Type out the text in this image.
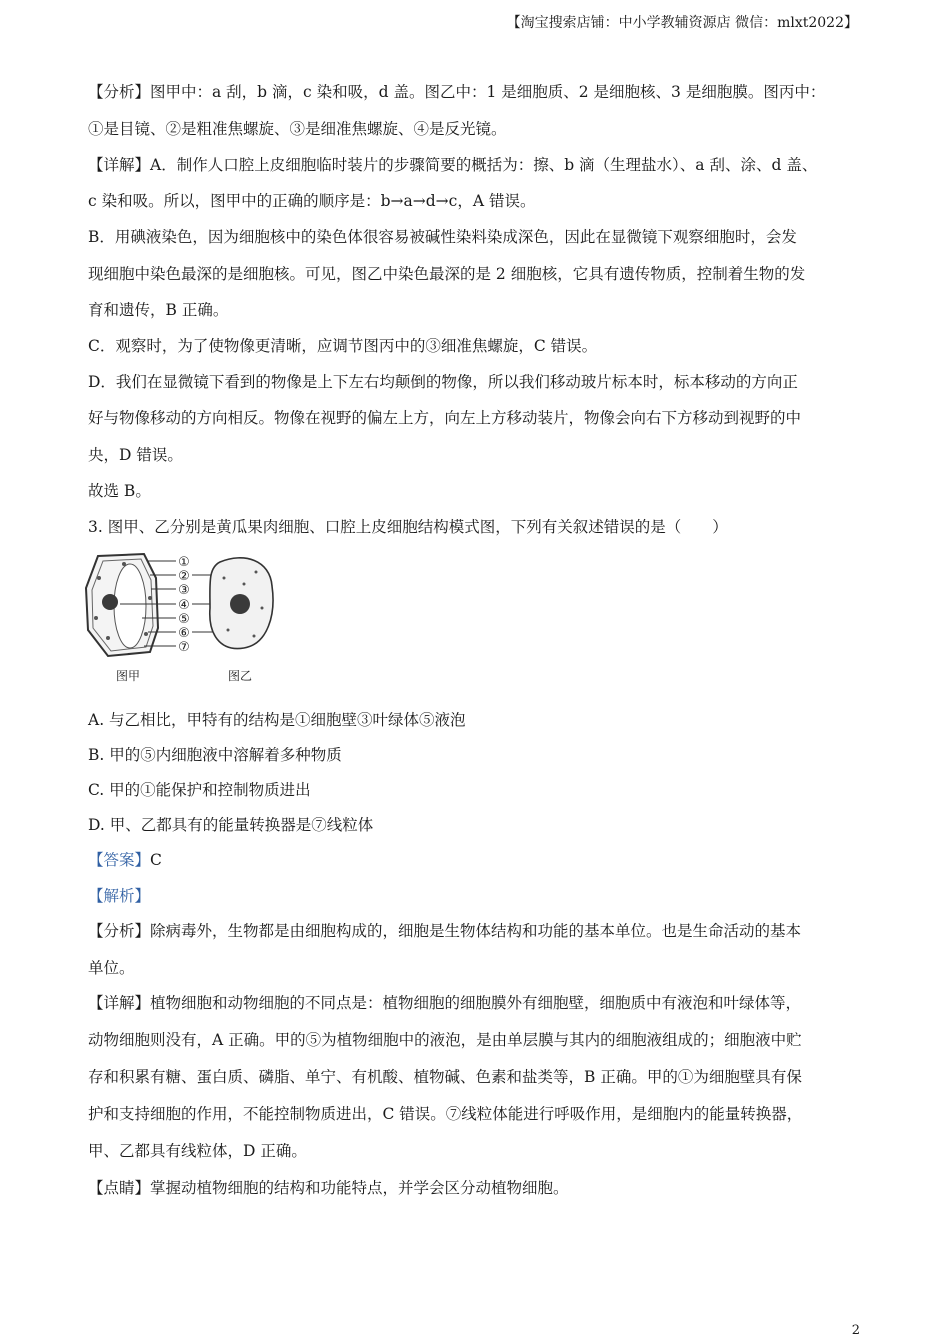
【淘宝搜索店铺：中小学教辅资源店 微信：mlxt2022】
【分析】图甲中：a 刮，b 滴，c 染和吸，d 盖。图乙中：1 是细胞质、2 是细胞核、3 是细胞膜。图丙中：
①是目镜、②是粗准焦螺旋、③是细准焦螺旋、④是反光镜。
【详解】A．制作人口腔上皮细胞临时装片的步骤简要的概括为：擦、b 滴（生理盐水）、a 刮、涂、d 盖、
c 染和吸。所以，图甲中的正确的顺序是：b→a→d→c，A 错误。
B．用碘液染色，因为细胞核中的染色体很容易被碱性染料染成深色，因此在显微镜下观察细胞时，会发
现细胞中染色最深的是细胞核。可见，图乙中染色最深的是 2 细胞核，它具有遗传物质，控制着生物的发
育和遗传，B 正确。
C．观察时，为了使物像更清晰，应调节图丙中的③细准焦螺旋，C 错误。
D．我们在显微镜下看到的物像是上下左右均颠倒的物像，所以我们移动玻片标本时，标本移动的方向正
好与物像移动的方向相反。物像在视野的偏左上方，向左上方移动装片，物像会向右下方移动到视野的中
央，D 错误。
故选 B。
3. 图甲、乙分别是黄瓜果肉细胞、口腔上皮细胞结构模式图，下列有关叙述错误的是（　　）
①
②
③
④
⑤
⑥
⑦
图甲	图乙
A. 与乙相比，甲特有的结构是①细胞壁③叶绿体⑤液泡
B. 甲的⑤内细胞液中溶解着多种物质
C. 甲的①能保护和控制物质进出
D. 甲、乙都具有的能量转换器是⑦线粒体
【答案】C
【解析】
【分析】除病毒外，生物都是由细胞构成的，细胞是生物体结构和功能的基本单位。也是生命活动的基本
单位。
【详解】植物细胞和动物细胞的不同点是：植物细胞的细胞膜外有细胞壁，细胞质中有液泡和叶绿体等，
动物细胞则没有，A 正确。甲的⑤为植物细胞中的液泡，是由单层膜与其内的细胞液组成的；细胞液中贮
存和积累有糖、蛋白质、磷脂、单宁、有机酸、植物碱、色素和盐类等，B 正确。甲的①为细胞壁具有保
护和支持细胞的作用，不能控制物质进出，C 错误。⑦线粒体能进行呼吸作用，是细胞内的能量转换器，
甲、乙都具有线粒体，D 正确。
【点睛】掌握动植物细胞的结构和功能特点，并学会区分动植物细胞。
2
